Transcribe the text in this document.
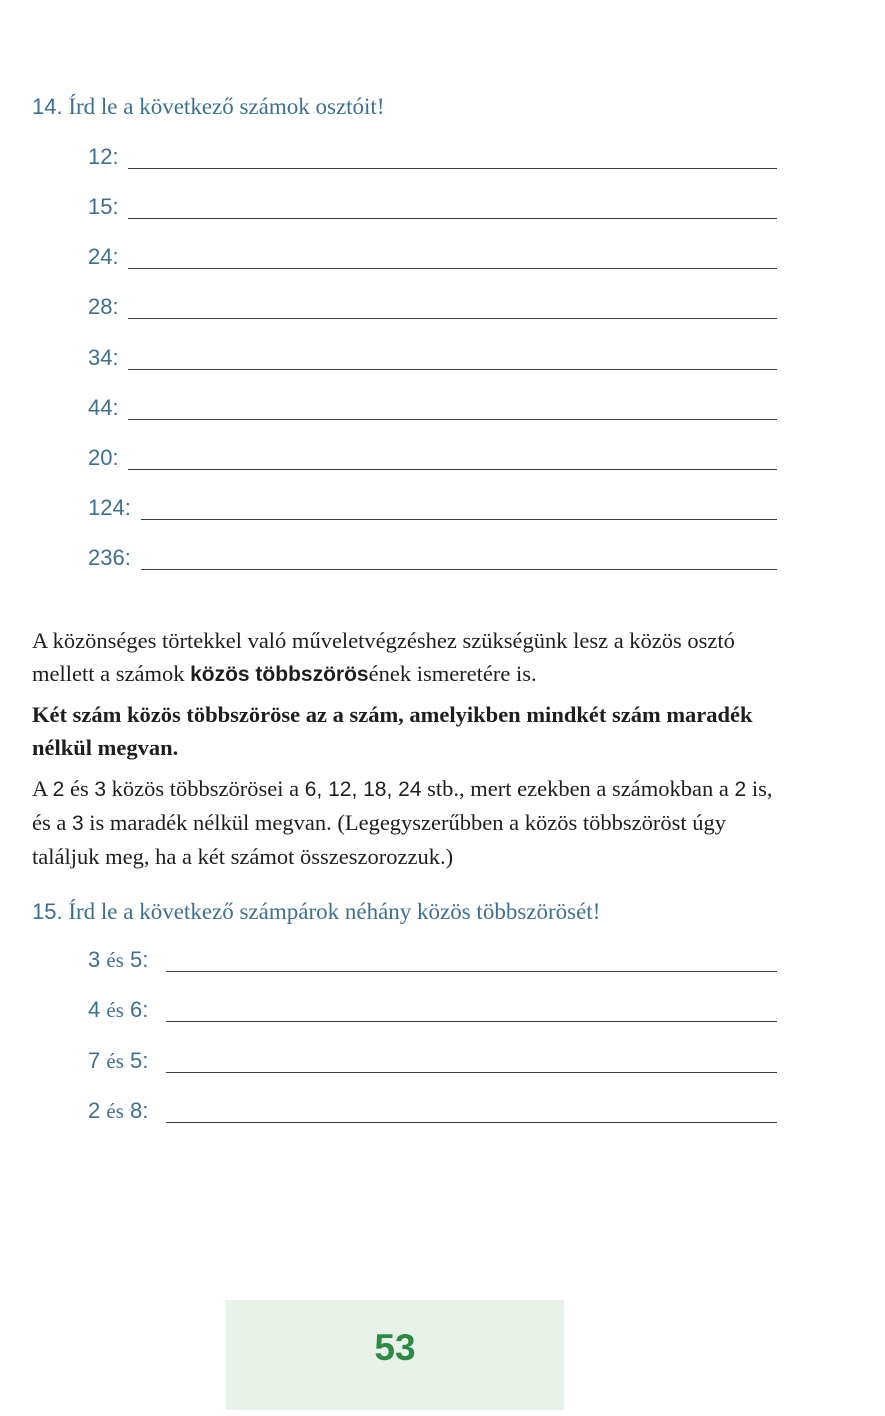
14. Írd le a következő számok osztóit!
12:
15:
24:
28:
34:
44:
20:
124:
236:

A közönséges törtekkel való műveletvégzéshez szükségünk lesz a közös osztó mellett a számok közös többszörösének ismeretére is.

Két szám közös többszöröse az a szám, amelyikben mindkét szám maradék nélkül megvan.

A 2 és 3 közös többszörösei a 6, 12, 18, 24 stb., mert ezekben a számokban a 2 is, és a 3 is maradék nélkül megvan. (Legegyszerűbben a közös többszöröst úgy találjuk meg, ha a két számot összeszorozzuk.)

15. Írd le a következő számpárok néhány közös többszörösét!
3 és 5:
4 és 6:
7 és 5:
2 és 8:
53
